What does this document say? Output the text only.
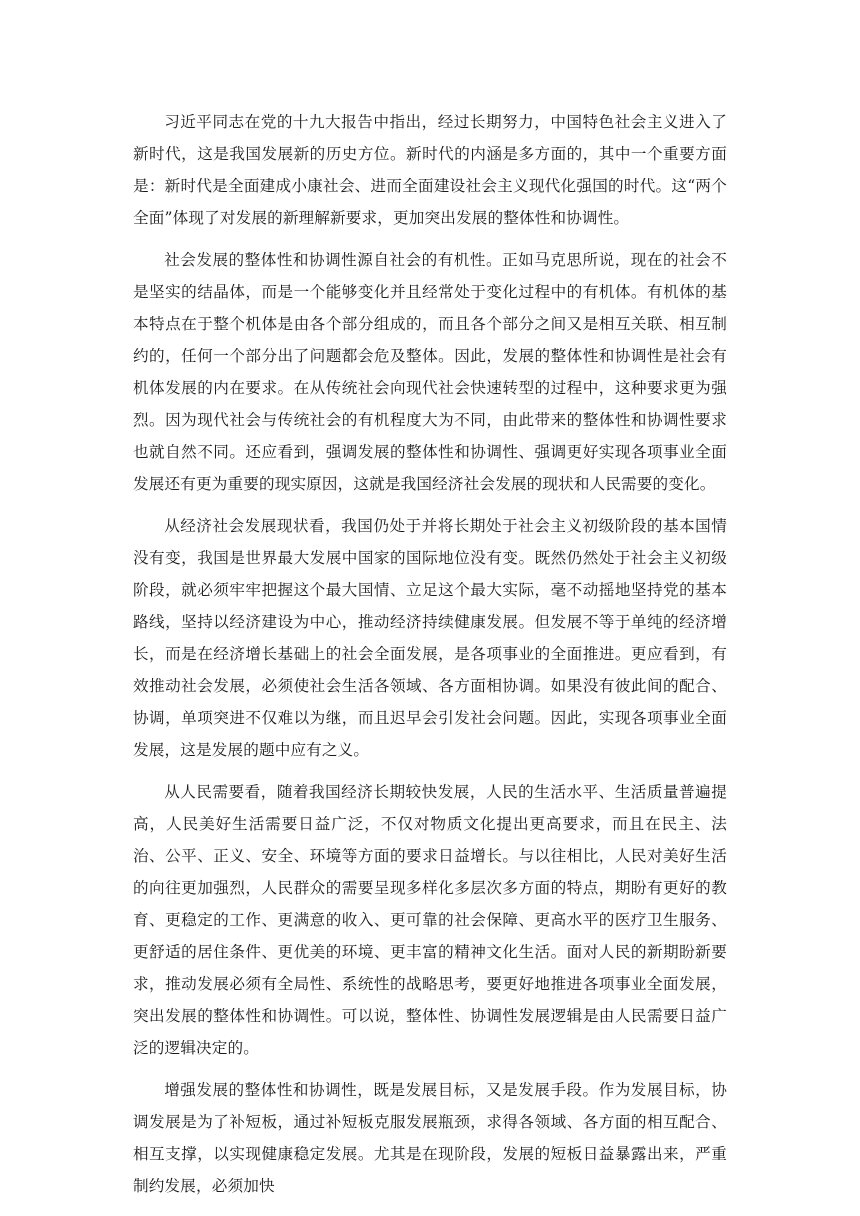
习近平同志在党的十九大报告中指出，经过长期努力，中国特色社会主义进入了新时代，这是我国发展新的历史方位。新时代的内涵是多方面的，其中一个重要方面是：新时代是全面建成小康社会、进而全面建设社会主义现代化强国的时代。这“两个全面”体现了对发展的新理解新要求，更加突出发展的整体性和协调性。

社会发展的整体性和协调性源自社会的有机性。正如马克思所说，现在的社会不是坚实的结晶体，而是一个能够变化并且经常处于变化过程中的有机体。有机体的基本特点在于整个机体是由各个部分组成的，而且各个部分之间又是相互关联、相互制约的，任何一个部分出了问题都会危及整体。因此，发展的整体性和协调性是社会有机体发展的内在要求。在从传统社会向现代社会快速转型的过程中，这种要求更为强烈。因为现代社会与传统社会的有机程度大为不同，由此带来的整体性和协调性要求也就自然不同。还应看到，强调发展的整体性和协调性、强调更好实现各项事业全面发展还有更为重要的现实原因，这就是我国经济社会发展的现状和人民需要的变化。

从经济社会发展现状看，我国仍处于并将长期处于社会主义初级阶段的基本国情没有变，我国是世界最大发展中国家的国际地位没有变。既然仍然处于社会主义初级阶段，就必须牢牢把握这个最大国情、立足这个最大实际，毫不动摇地坚持党的基本路线，坚持以经济建设为中心，推动经济持续健康发展。但发展不等于单纯的经济增长，而是在经济增长基础上的社会全面发展，是各项事业的全面推进。更应看到，有效推动社会发展，必须使社会生活各领域、各方面相协调。如果没有彼此间的配合、协调，单项突进不仅难以为继，而且迟早会引发社会问题。因此，实现各项事业全面发展，这是发展的题中应有之义。

从人民需要看，随着我国经济长期较快发展，人民的生活水平、生活质量普遍提高，人民美好生活需要日益广泛，不仅对物质文化提出更高要求，而且在民主、法治、公平、正义、安全、环境等方面的要求日益增长。与以往相比，人民对美好生活的向往更加强烈，人民群众的需要呈现多样化多层次多方面的特点，期盼有更好的教育、更稳定的工作、更满意的收入、更可靠的社会保障、更高水平的医疗卫生服务、更舒适的居住条件、更优美的环境、更丰富的精神文化生活。面对人民的新期盼新要求，推动发展必须有全局性、系统性的战略思考，要更好地推进各项事业全面发展，突出发展的整体性和协调性。可以说，整体性、协调性发展逻辑是由人民需要日益广泛的逻辑决定的。

增强发展的整体性和协调性，既是发展目标，又是发展手段。作为发展目标，协调发展是为了补短板，通过补短板克服发展瓶颈，求得各领域、各方面的相互配合、相互支撑，以实现健康稳定发展。尤其是在现阶段，发展的短板日益暴露出来，严重制约发展，必须加快
